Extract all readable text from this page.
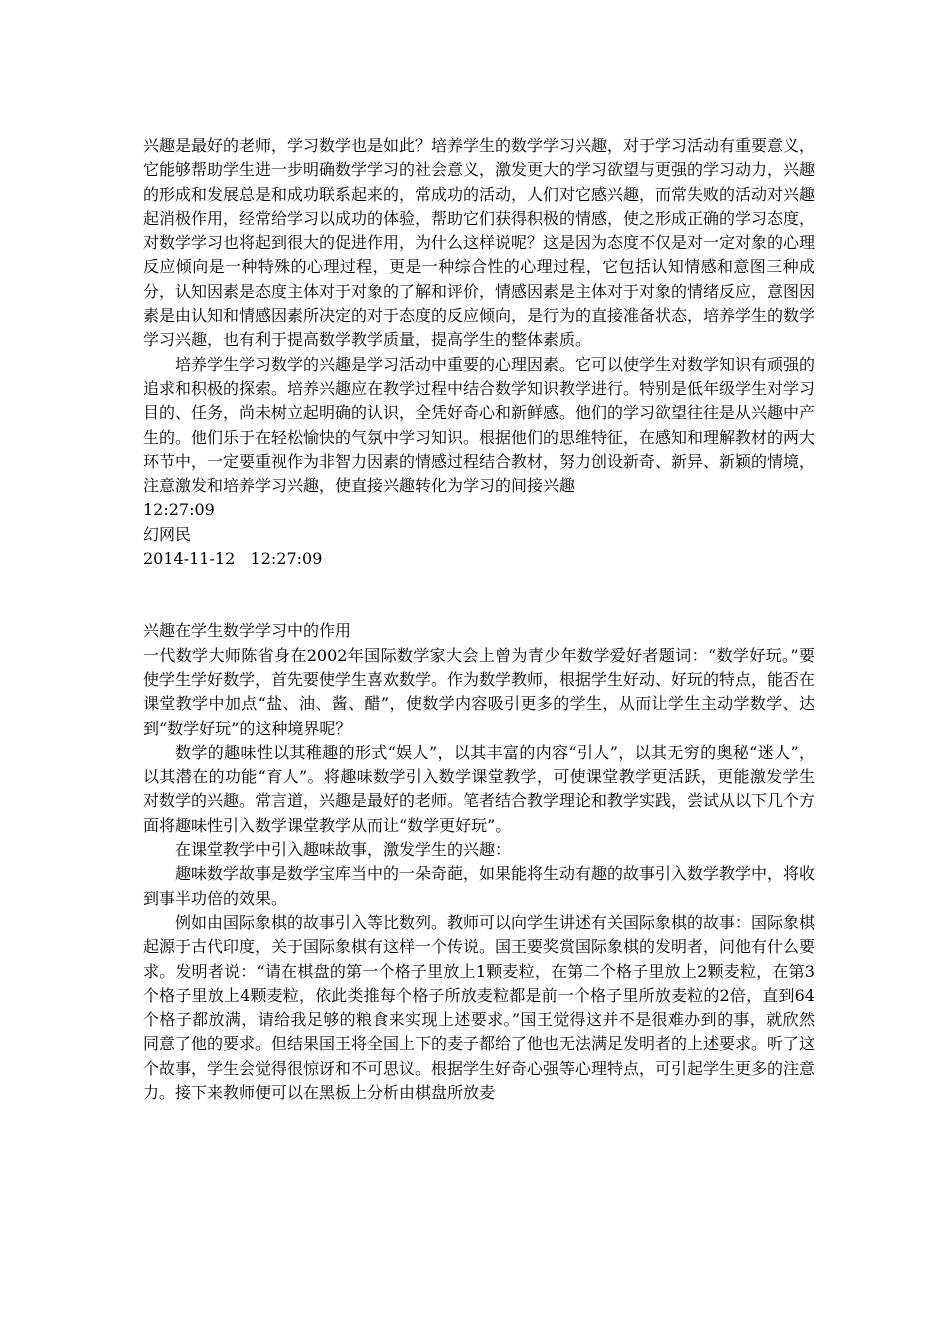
兴趣是最好的老师，学习数学也是如此？培养学生的数学学习兴趣，对于学习活动有重要意义，它能够帮助学生进一步明确数学学习的社会意义，激发更大的学习欲望与更强的学习动力，兴趣的形成和发展总是和成功联系起来的，常成功的活动，人们对它感兴趣，而常失败的活动对兴趣起消极作用，经常给学习以成功的体验，帮助它们获得积极的情感，使之形成正确的学习态度，对数学学习也将起到很大的促进作用，为什么这样说呢？这是因为态度不仅是对一定对象的心理反应倾向是一种特殊的心理过程，更是一种综合性的心理过程，它包括认知情感和意图三种成分，认知因素是态度主体对于对象的了解和评价，情感因素是主体对于对象的情绪反应，意图因素是由认知和情感因素所决定的对于态度的反应倾向，是行为的直接准备状态，培养学生的数学学习兴趣，也有利于提高数学教学质量，提高学生的整体素质。

培养学生学习数学的兴趣是学习活动中重要的心理因素。它可以使学生对数学知识有顽强的追求和积极的探索。培养兴趣应在教学过程中结合数学知识教学进行。特别是低年级学生对学习目的、任务，尚未树立起明确的认识，全凭好奇心和新鲜感。他们的学习欲望往往是从兴趣中产生的。他们乐于在轻松愉快的气氛中学习知识。根据他们的思维特征，在感知和理解教材的两大环节中，一定要重视作为非智力因素的情感过程结合教材，努力创设新奇、新异、新颖的情境，注意激发和培养学习兴趣，使直接兴趣转化为学习的间接兴趣

12:27:09

幻网民

2014-11-12   12:27:09

兴趣在学生数学学习中的作用

一代数学大师陈省身在2002年国际数学家大会上曾为青少年数学爱好者题词：“数学好玩。”要使学生学好数学，首先要使学生喜欢数学。作为数学教师，根据学生好动、好玩的特点，能否在课堂教学中加点“盐、油、酱、醋”，使数学内容吸引更多的学生，从而让学生主动学数学、达到“数学好玩”的这种境界呢？

数学的趣味性以其稚趣的形式“娱人”，以其丰富的内容“引人”，以其无穷的奥秘“迷人”，以其潜在的功能“育人”。将趣味数学引入数学课堂教学，可使课堂教学更活跃，更能激发学生对数学的兴趣。常言道，兴趣是最好的老师。笔者结合教学理论和教学实践，尝试从以下几个方面将趣味性引入数学课堂教学从而让“数学更好玩”。

在课堂教学中引入趣味故事，激发学生的兴趣：

趣味数学故事是数学宝库当中的一朵奇葩，如果能将生动有趣的故事引入数学教学中，将收到事半功倍的效果。

例如由国际象棋的故事引入等比数列。教师可以向学生讲述有关国际象棋的故事：国际象棋起源于古代印度，关于国际象棋有这样一个传说。国王要奖赏国际象棋的发明者，问他有什么要求。发明者说：“请在棋盘的第一个格子里放上1颗麦粒，在第二个格子里放上2颗麦粒，在第3个格子里放上4颗麦粒，依此类推每个格子所放麦粒都是前一个格子里所放麦粒的2倍，直到64个格子都放满，请给我足够的粮食来实现上述要求。”国王觉得这并不是很难办到的事，就欣然同意了他的要求。但结果国王将全国上下的麦子都给了他也无法满足发明者的上述要求。听了这个故事，学生会觉得很惊讶和不可思议。根据学生好奇心强等心理特点，可引起学生更多的注意力。接下来教师便可以在黑板上分析由棋盘所放麦
